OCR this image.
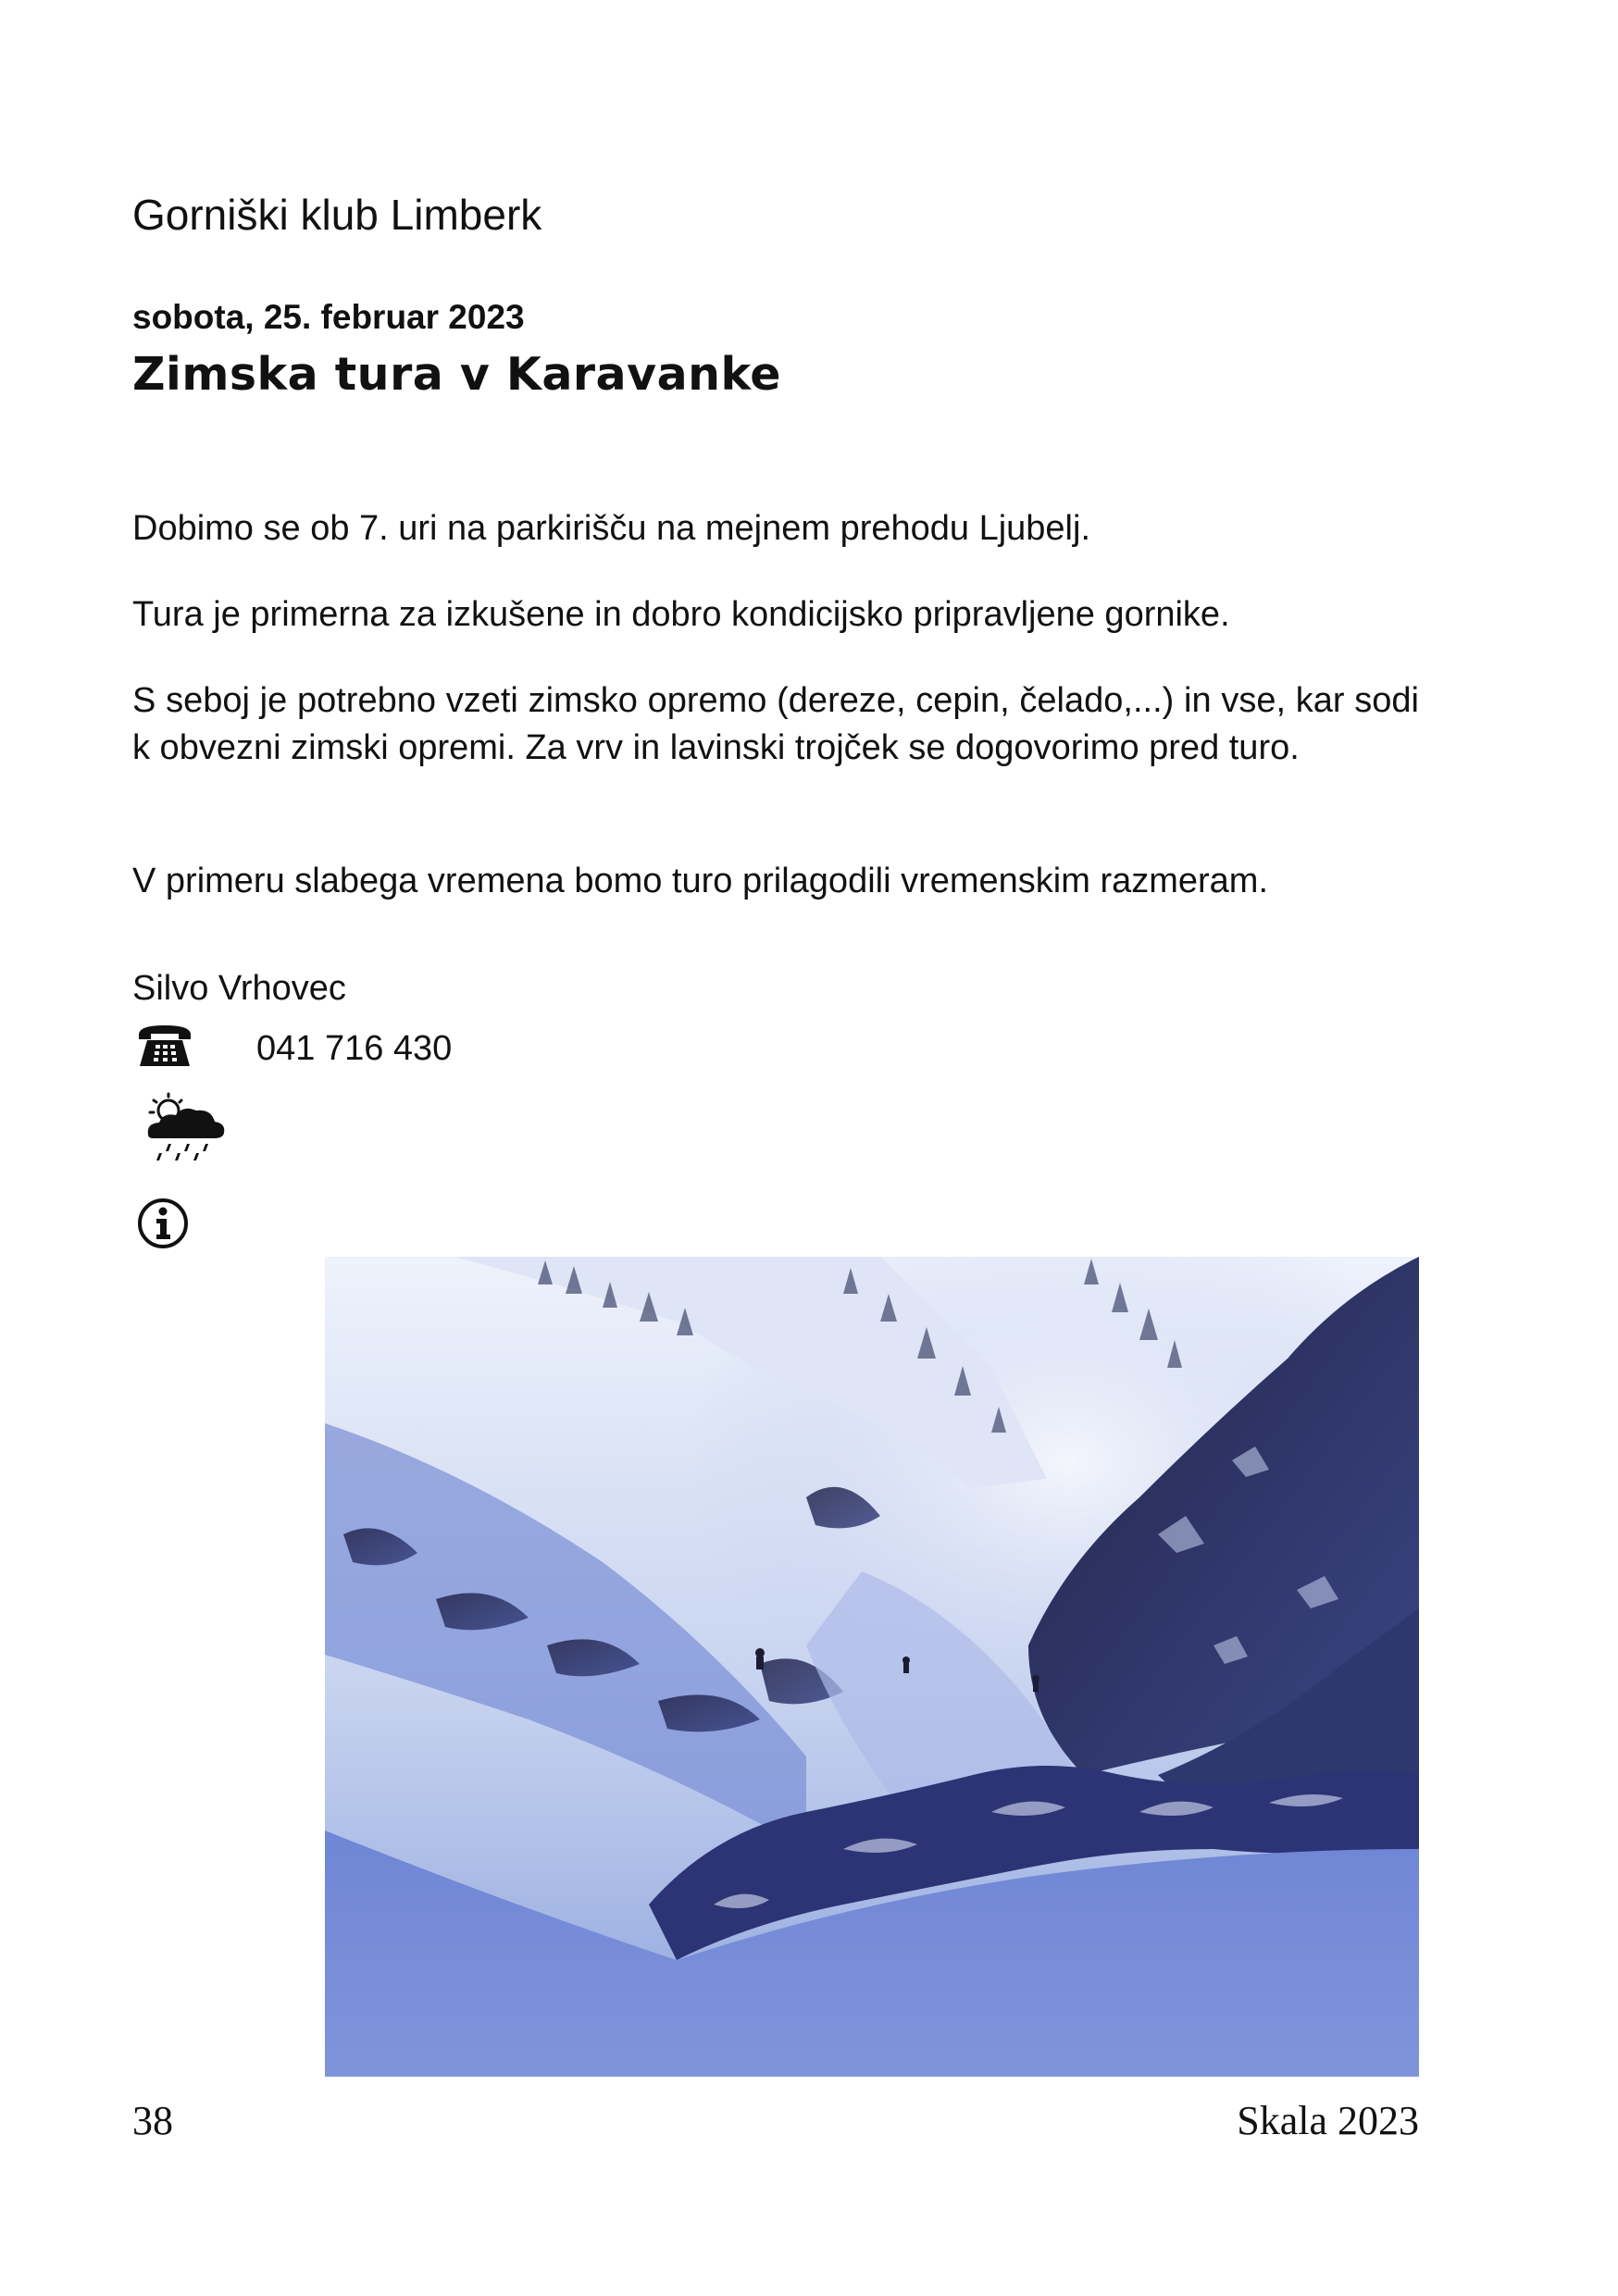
Gorniški klub Limberk

sobota, 25. februar 2023

Zimska tura v Karavanke

Dobimo se ob 7. uri na parkirišču na mejnem prehodu Ljubelj.

Tura je primerna za izkušene in dobro kondicijsko pripravljene gornike.

S seboj je potrebno vzeti zimsko opremo (dereze, cepin, čelado,...) in vse, kar sodi k obvezni zimski opremi. Za vrv in lavinski trojček se dogovorimo pred turo.

V primeru slabega vremena bomo turo prilagodili vremenskim razmeram.

Silvo Vrhovec

041 716 430
38	Skala 2023
